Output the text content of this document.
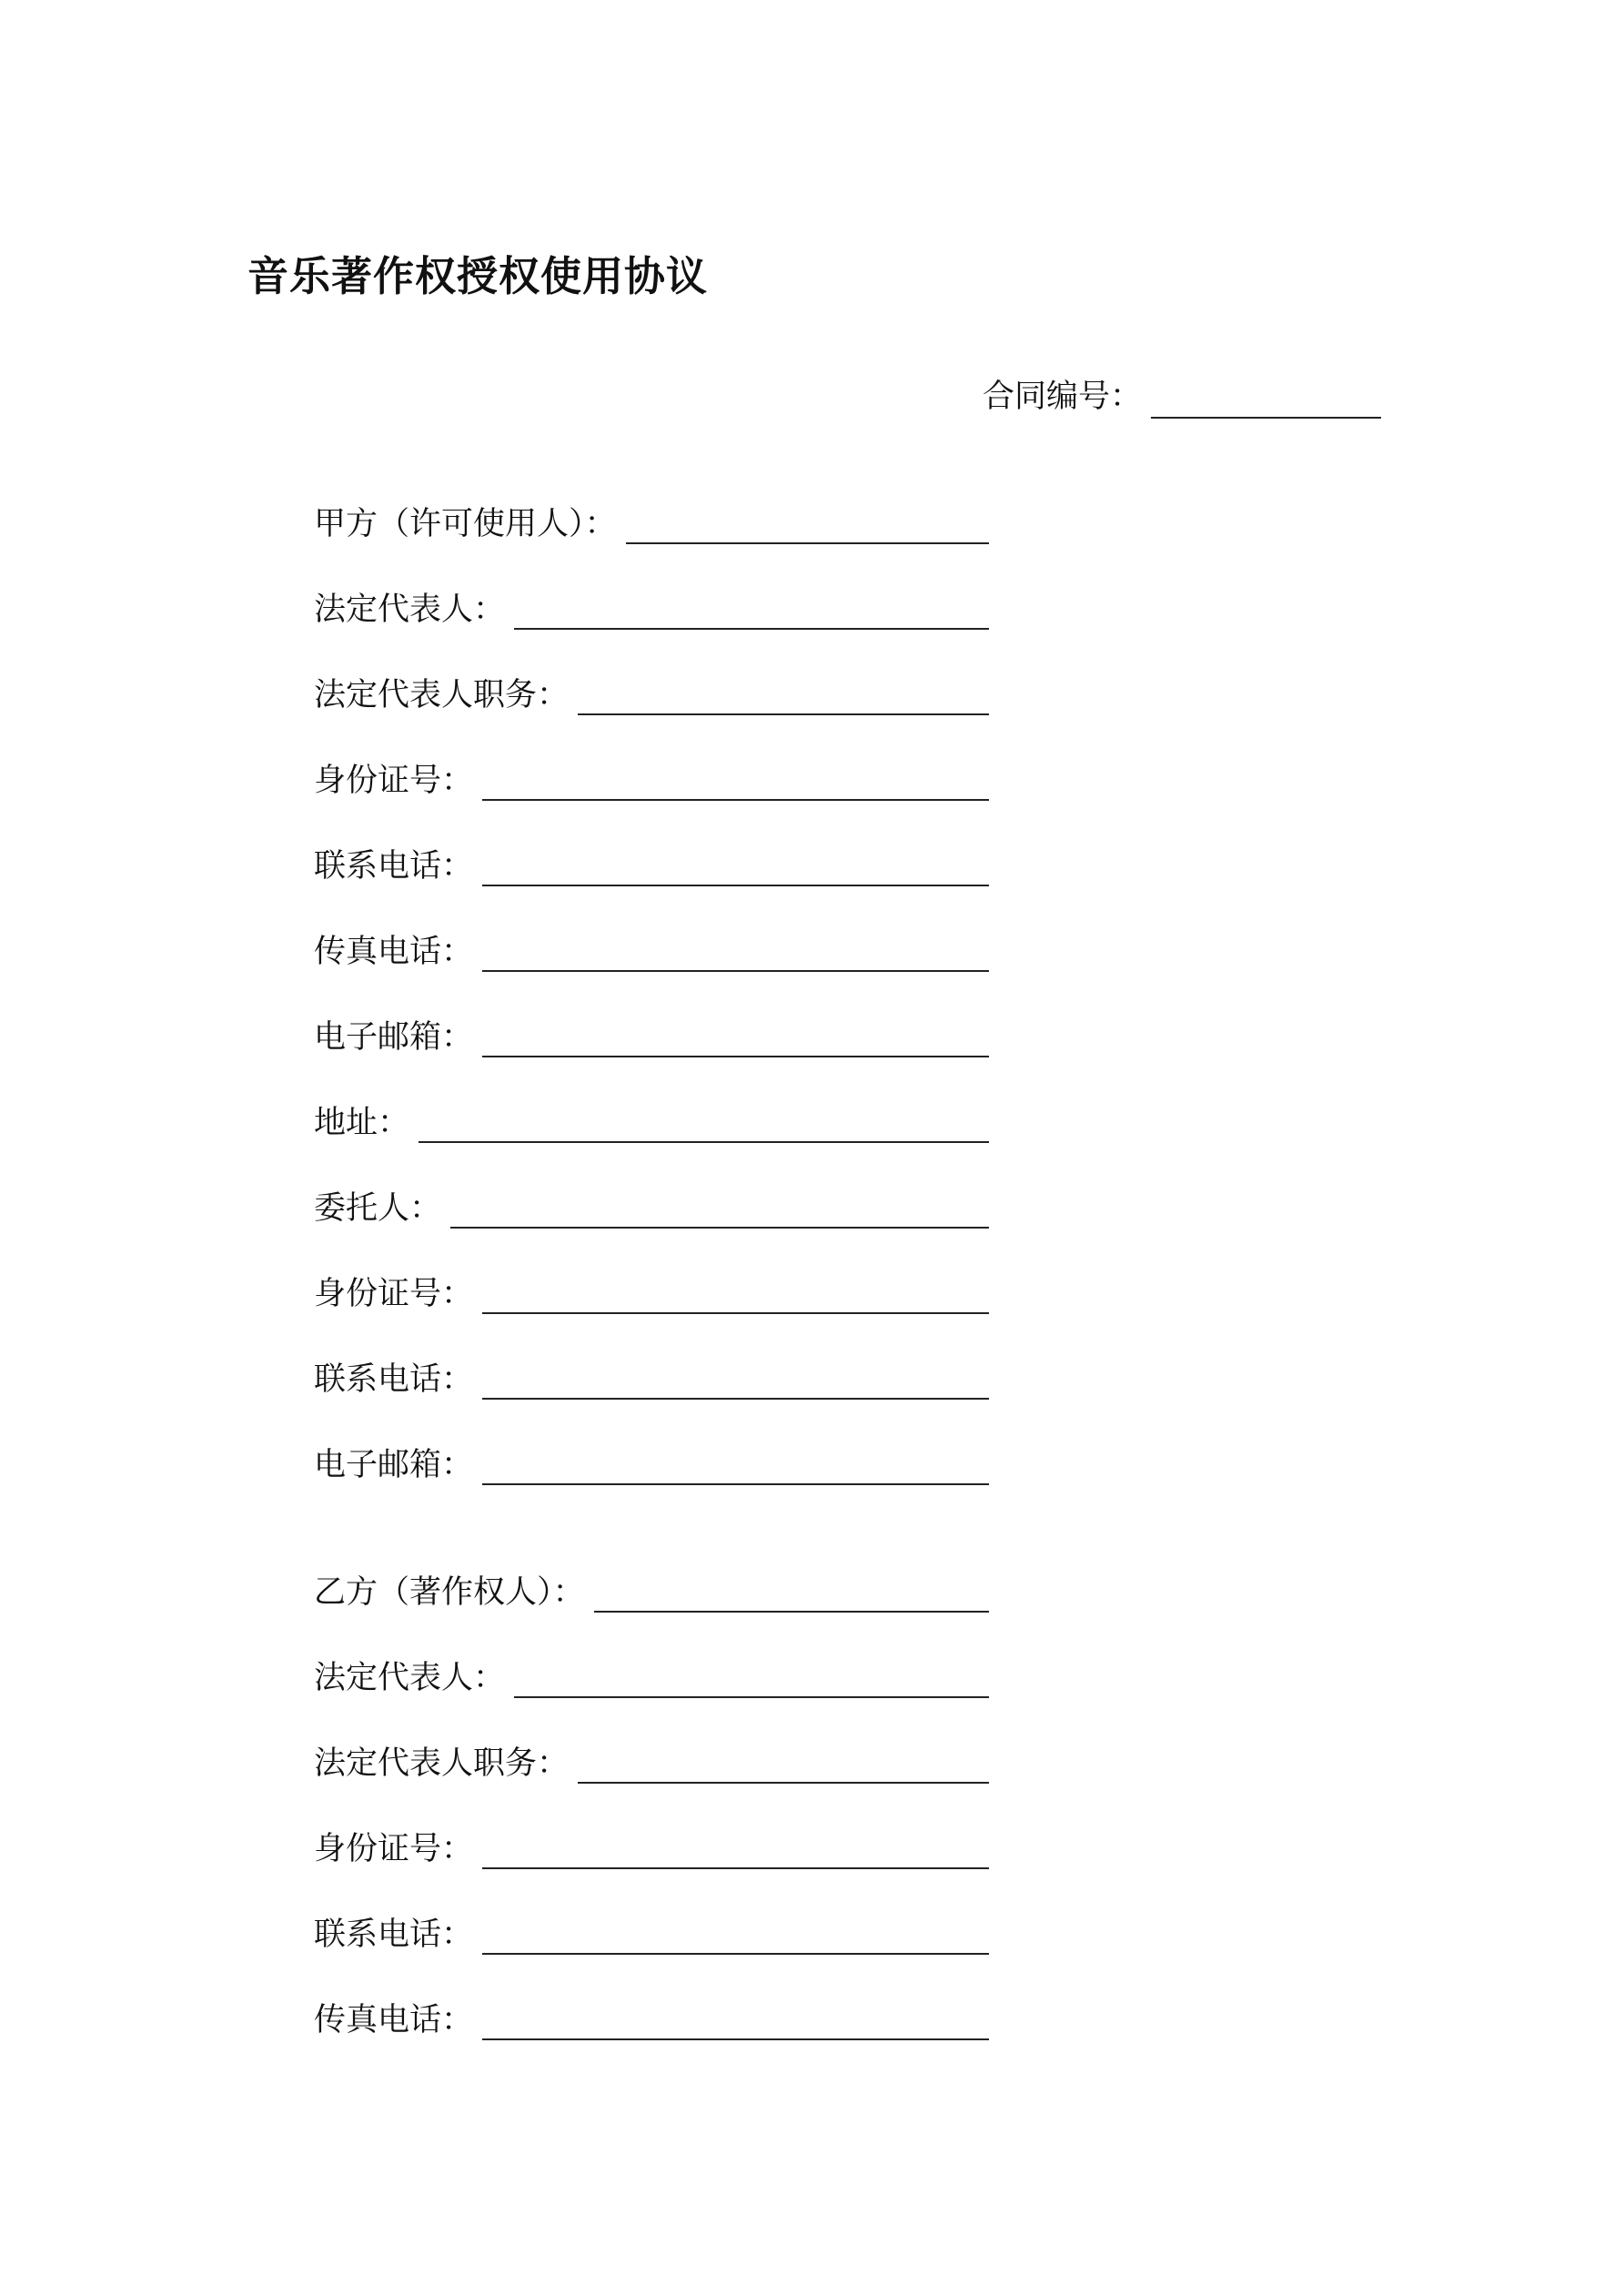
音乐著作权授权使用协议
合同编号：
甲方（许可使用人）：
法定代表人：
法定代表人职务：
身份证号：
联系电话：
传真电话：
电子邮箱：
地址：
委托人：
身份证号：
联系电话：
电子邮箱：
乙方（著作权人）：
法定代表人：
法定代表人职务：
身份证号：
联系电话：
传真电话：
